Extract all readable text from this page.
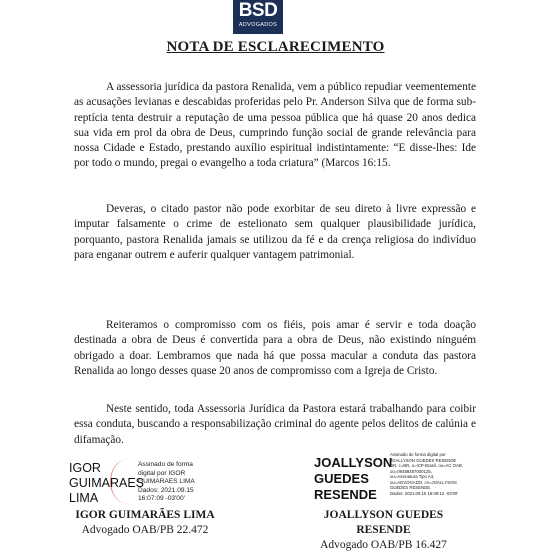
BSD
ADVOGADOS
NOTA DE ESCLARECIMENTO

A assessoria jurídica da pastora Renalida, vem a público repudiar veementemente as acusações levianas e descabidas proferidas pelo Pr. Anderson Silva que de forma sub-reptícia tenta destruir a reputação de uma pessoa pública que há quase 20 anos dedica sua vida em prol da obra de Deus, cumprindo função social de grande relevância para nossa Cidade e Estado, prestando auxílio espiritual indistintamente: “E disse-lhes: Ide por todo o mundo, pregai o evangelho a toda criatura” (Marcos 16:15.

Deveras, o citado pastor não pode exorbitar de seu direto à livre expressão e imputar falsamente o crime de estelionato sem qualquer plausibilidade jurídica, porquanto, pastora Renalida jamais se utilizou da fé e da crença religiosa do indivíduo para enganar outrem e auferir qualquer vantagem patrimonial.

Reiteramos o compromisso com os fiéis, pois amar é servir e toda doação destinada a obra de Deus é convertida para a obra de Deus, não existindo ninguém obrigado a doar. Lembramos que nada há que possa macular a conduta das pastora Renalida ao longo desses quase 20 anos de compromisso com a Igreja de Cristo.

Neste sentido, toda Assessoria Jurídica da Pastora estará trabalhando para coibir essa conduta, buscando a responsabilização criminal do agente pelos delitos de calúnia e difamação.

IGOR
GUIMARAES
LIMA
Assinado de forma
digital por IGOR
GUIMARAES LIMA
Dados: 2021.09.15
16:07:09 -03'00'
JOALLYSON
GUEDES
RESENDE
Assinado de forma digital por
JOALLYSON GUEDES RESENDE
DN: c=BR, o=ICP-Brasil, ou=AC OAB,
ou=09488487000125,
ou=Assinatura Tipo A3,
ou=ADVOGADO, cn=JOALLYSON
GUEDES RESENDE
Dados: 2021.09.15 16:09:12 -03'00'
IGOR GUIMARÃES LIMA
Advogado OAB/PB 22.472
JOALLYSON GUEDES RESENDE
Advogado OAB/PB 16.427
